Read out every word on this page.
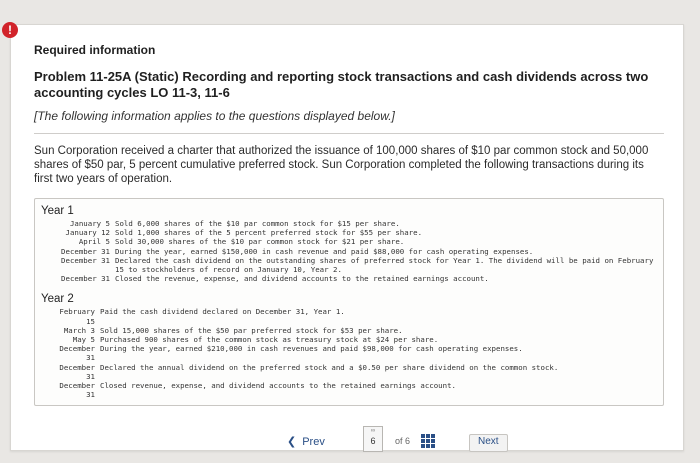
!

Required information

Problem 11-25A (Static) Recording and reporting stock transactions and cash dividends across two accounting cycles LO 11-3, 11-6

[The following information applies to the questions displayed below.]

Sun Corporation received a charter that authorized the issuance of 100,000 shares of $10 par common stock and 50,000 shares of $50 par, 5 percent cumulative preferred stock. Sun Corporation completed the following transactions during its first two years of operation.

Year 1
January 5 Sold 6,000 shares of the $10 par common stock for $15 per share.
January 12 Sold 1,000 shares of the 5 percent preferred stock for $55 per share.
April 5 Sold 30,000 shares of the $10 par common stock for $21 per share.
December 31 During the year, earned $150,000 in cash revenue and paid $88,000 for cash operating expenses.
December 31 Declared the cash dividend on the outstanding shares of preferred stock for Year 1. The dividend will be paid on February 15 to stockholders of record on January 10, Year 2.
December 31 Closed the revenue, expense, and dividend accounts to the retained earnings account.
Year 2
February
15
Paid the cash dividend declared on December 31, Year 1.
March 3 Sold 15,000 shares of the $50 par preferred stock for $53 per share.
May 5 Purchased 900 shares of the common stock as treasury stock at $24 per share.
December
31
During the year, earned $210,000 in cash revenues and paid $98,000 for cash operating expenses.
December
31
Declared the annual dividend on the preferred stock and a $0.50 per share dividend on the common stock.
December
31
Closed revenue, expense, and dividend accounts to the retained earnings account.
❮ Prev
∞
6	of 6	Next
